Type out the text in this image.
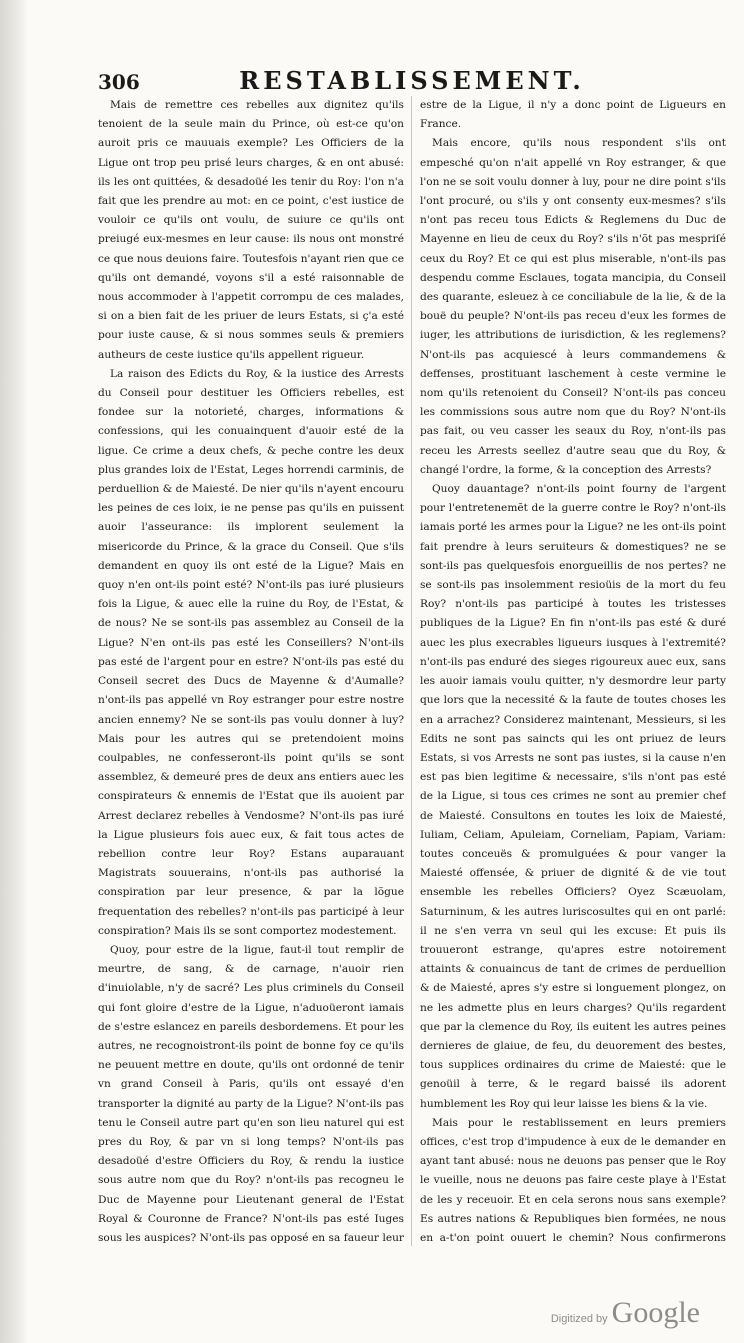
306	RESTABLISSEMENT.

Mais de remettre ces rebelles aux dignitez qu'ils tenoient de la seule main du Prince, où est-ce qu'on auroit pris ce mauuais exemple? Les Officiers de la Ligue ont trop peu prisé leurs charges, & en ont abusé: ils les ont quittées, & desadoüé les tenir du Roy: l'on n'a fait que les prendre au mot: en ce point, c'est iustice de vouloir ce qu'ils ont voulu, de suiure ce qu'ils ont preiugé eux-mesmes en leur cause: ils nous ont monstré ce que nous deuions faire. Toutesfois n'ayant rien que ce qu'ils ont demandé, voyons s'il a esté raisonnable de nous accommoder à l'appetit corrompu de ces malades, si on a bien fait de les priuer de leurs Estats, si ç'a esté pour iuste cause, & si nous sommes seuls & premiers autheurs de ceste iustice qu'ils appellent rigueur.

La raison des Edicts du Roy, & la iustice des Arrests du Conseil pour destituer les Officiers rebelles, est fondee sur la notorieté, charges, informations & confessions, qui les conuainquent d'auoir esté de la ligue. Ce crime a deux chefs, & peche contre les deux plus grandes loix de l'Estat, Leges horrendi carminis, de perduellion & de Maiesté. De nier qu'ils n'ayent encouru les peines de ces loix, ie ne pense pas qu'ils en puissent auoir l'asseurance: ils implorent seulement la misericorde du Prince, & la grace du Conseil. Que s'ils demandent en quoy ils ont esté de la Ligue? Mais en quoy n'en ont-ils point esté? N'ont-ils pas iuré plusieurs fois la Ligue, & auec elle la ruine du Roy, de l'Estat, & de nous? Ne se sont-ils pas assemblez au Conseil de la Ligue? N'en ont-ils pas esté les Conseillers? N'ont-ils pas esté de l'argent pour en estre? N'ont-ils pas esté du Conseil secret des Ducs de Mayenne & d'Aumalle? n'ont-ils pas appellé vn Roy estranger pour estre nostre ancien ennemy? Ne se sont-ils pas voulu donner à luy? Mais pour les autres qui se pretendoient moins coulpables, ne confesseront-ils point qu'ils se sont assemblez, & demeuré pres de deux ans entiers auec les conspirateurs & ennemis de l'Estat que ils auoient par Arrest declarez rebelles à Vendosme? N'ont-ils pas iuré la Ligue plusieurs fois auec eux, & fait tous actes de rebellion contre leur Roy? Estans auparauant Magistrats souuerains, n'ont-ils pas authorisé la conspiration par leur presence, & par la lõgue frequentation des rebelles? n'ont-ils pas participé à leur conspiration? Mais ils se sont comportez modestement.

Quoy, pour estre de la ligue, faut-il tout remplir de meurtre, de sang, & de carnage, n'auoir rien d'inuiolable, n'y de sacré? Les plus criminels du Conseil qui font gloire d'estre de la Ligue, n'aduoüeront iamais de s'estre eslancez en pareils desbordemens. Et pour les autres, ne recognoistront-ils point de bonne foy ce qu'ils ne peuuent mettre en doute, qu'ils ont ordonné de tenir vn grand Conseil à Paris, qu'ils ont essayé d'en transporter la dignité au party de la Ligue? N'ont-ils pas tenu le Conseil autre part qu'en son lieu naturel qui est pres du Roy, & par vn si long temps? N'ont-ils pas desadoüé d'estre Officiers du Roy, & rendu la iustice sous autre nom que du Roy? n'ont-ils pas recogneu le Duc de Mayenne pour Lieutenant general de l'Estat Royal & Couronne de France? N'ont-ils pas esté Iuges sous les auspices? N'ont-ils pas opposé en sa faueur leur

estre de la Ligue, il n'y a donc point de Ligueurs en France.

Mais encore, qu'ils nous respondent s'ils ont empesché qu'on n'ait appellé vn Roy estranger, & que l'on ne se soit voulu donner à luy, pour ne dire point s'ils l'ont procuré, ou s'ils y ont consenty eux-mesmes? s'ils n'ont pas receu tous Edicts & Reglemens du Duc de Mayenne en lieu de ceux du Roy? s'ils n'õt pas mespriſé ceux du Roy? Et ce qui est plus miserable, n'ont-ils pas despendu comme Esclaues, togata mancipia, du Conseil des quarante, esleuez à ce conciliabule de la lie, & de la bouë du peuple? N'ont-ils pas receu d'eux les formes de iuger, les attributions de iurisdiction, & les reglemens? N'ont-ils pas acquiescé à leurs commandemens & deffenses, prostituant laschement à ceste vermine le nom qu'ils retenoient du Conseil? N'ont-ils pas conceu les commissions sous autre nom que du Roy? N'ont-ils pas fait, ou veu casser les seaux du Roy, n'ont-ils pas receu les Arrests seellez d'autre seau que du Roy, & changé l'ordre, la forme, & la conception des Arrests?

Quoy dauantage? n'ont-ils point fourny de l'argent pour l'entretenemẽt de la guerre contre le Roy? n'ont-ils iamais porté les armes pour la Ligue? ne les ont-ils point fait prendre à leurs seruiteurs & domestiques? ne se sont-ils pas quelquesfois enorgueillis de nos pertes? ne se sont-ils pas insolemment resioüis de la mort du feu Roy? n'ont-ils pas participé à toutes les tristesses publiques de la Ligue? En fin n'ont-ils pas esté & duré auec les plus execrables ligueurs iusques à l'extremité? n'ont-ils pas enduré des sieges rigoureux auec eux, sans les auoir iamais voulu quitter, n'y desmordre leur party que lors que la necessité & la faute de toutes choses les en a arrachez? Considerez maintenant, Messieurs, si les Edits ne sont pas saincts qui les ont priuez de leurs Estats, si vos Arrests ne sont pas iustes, si la cause n'en est pas bien legitime & necessaire, s'ils n'ont pas esté de la Ligue, si tous ces crimes ne sont au premier chef de Maiesté. Consultons en toutes les loix de Maiesté, Iuliam, Celiam, Apuleiam, Corneliam, Papiam, Variam: toutes conceuës & promulguées & pour vanger la Maiesté offensée, & priuer de dignité & de vie tout ensemble les rebelles Officiers? Oyez Scæuolam, Saturninum, & les autres luriscosultes qui en ont parlé: il ne s'en verra vn seul qui les excuse: Et puis ils trouueront estrange, qu'apres estre notoirement attaints & conuaincus de tant de crimes de perduellion & de Maiesté, apres s'y estre si longuement plongez, on ne les admette plus en leurs charges? Qu'ils regardent que par la clemence du Roy, ils euitent les autres peines dernieres de glaiue, de feu, du deuorement des bestes, tous supplices ordinaires du crime de Maiesté: que le genoüil à terre, & le regard baissé ils adorent humblement les Roy qui leur laisse les biens & la vie.

Mais pour le restablissement en leurs premiers offices, c'est trop d'impudence à eux de le demander en ayant tant abusé: nous ne deuons pas penser que le Roy le vueille, nous ne deuons pas faire ceste playe à l'Estat de les y receuoir. Et en cela serons nous sans exemple? Es autres nations & Republiques bien formées, ne nous en a-t'on point ouuert le chemin? Nous confirmerons

Digitized by Google
